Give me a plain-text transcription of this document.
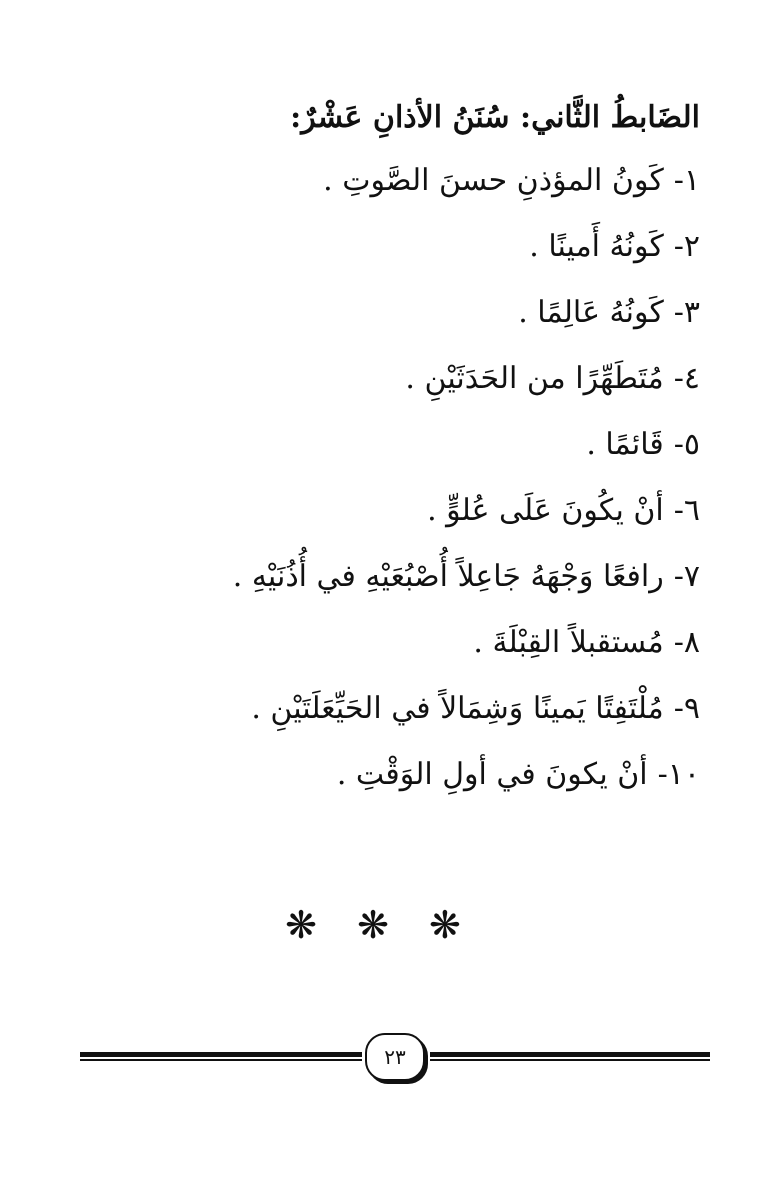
الضَابطُ الثَّاني: سُنَنُ الأذانِ عَشْرٌ:
١-كَونُ المؤذنِ حسنَ الصَّوتِ .
٢-كَونُهُ أَمينًا .
٣-كَونُهُ عَالِمًا .
٤-مُتَطَهِّرًا من الحَدَثَيْنِ .
٥-قَائمًا .
٦-أنْ يكُونَ عَلَى عُلوٍّ .
٧-رافعًا وَجْهَهُ جَاعِلاً أُصْبُعَيْهِ في أُذُنَيْهِ .
٨-مُستقبلاً القِبْلَةَ .
٩-مُلْتَفِتًا يَمينًا وَشِمَالاً في الحَيِّعَلَتَيْنِ .
١٠-أنْ يكونَ في أولِ الوَقْتِ .
❋ ❋ ❋
٢٣
